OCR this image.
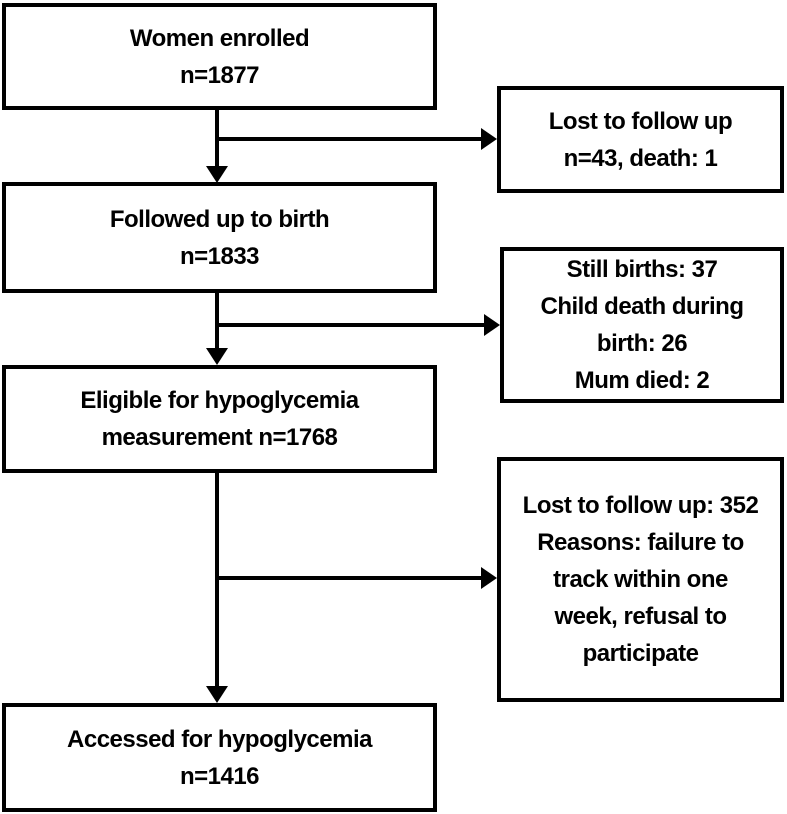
Women enrolled
n=1877
Followed up to birth
n=1833
Eligible for hypoglycemia
measurement n=1768
Accessed for hypoglycemia
n=1416
Lost to follow up
n=43, death: 1
Still births: 37
Child death during
birth: 26
Mum died: 2
Lost to follow up: 352
Reasons: failure to
track within one
week, refusal to
participate
